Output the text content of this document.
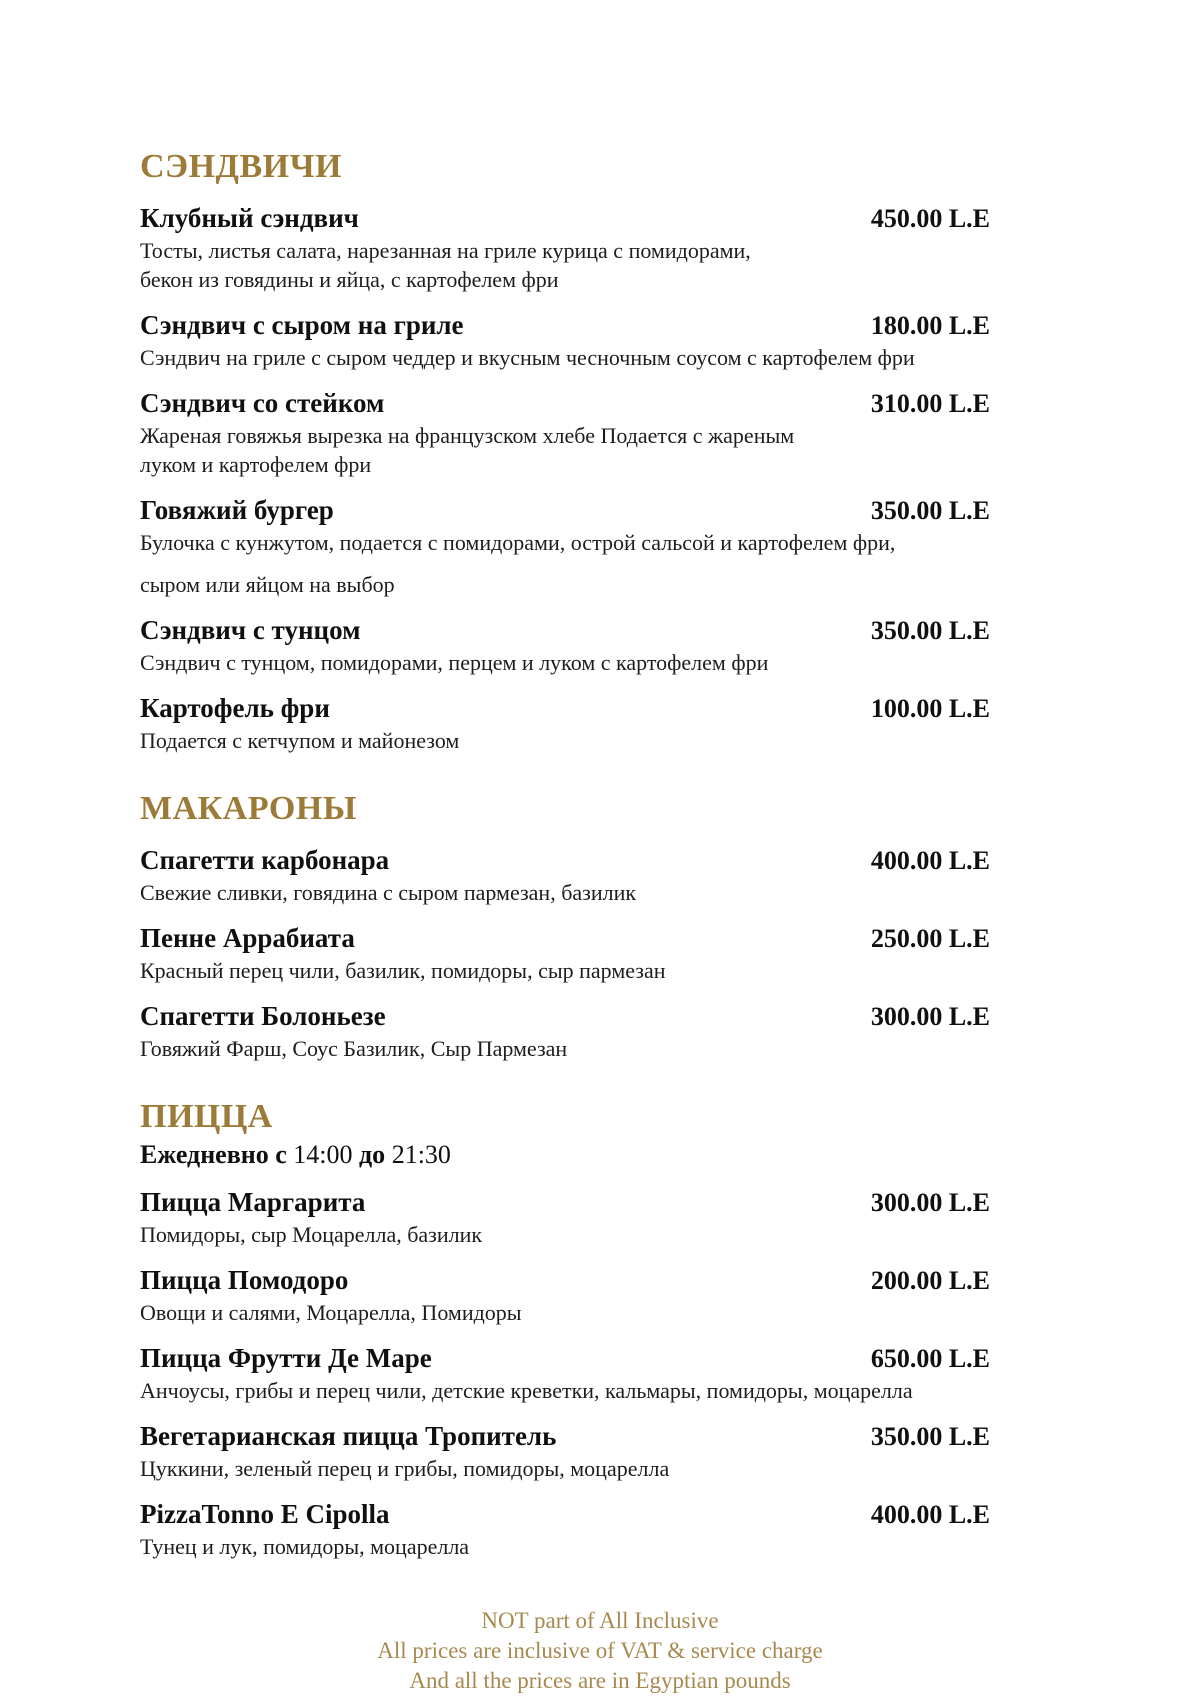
СЭНДВИЧИ
Клубный сэндвич	450.00 L.E
Тосты, листья салата, нарезанная на гриле курица с помидорами,
бекон из говядины и яйца, с картофелем фри
Сэндвич с сыром на гриле	180.00 L.E
Сэндвич на гриле с сыром чеддер и вкусным чесночным соусом с картофелем фри
Сэндвич со стейком	310.00 L.E
Жареная говяжья вырезка на французском хлебе Подается с жареным
луком и картофелем фри
Говяжий бургер	350.00 L.E
Булочка с кунжутом, подается с помидорами, острой сальсой и картофелем фри,
сыром или яйцом на выбор
Сэндвич с тунцом	350.00 L.E
Сэндвич с тунцом, помидорами, перцем и луком с картофелем фри
Картофель фри	100.00 L.E
Подается с кетчупом и майонезом
МАКАРОНЫ
Спагетти карбонара	400.00 L.E
Свежие сливки, говядина с сыром пармезан, базилик
Пенне Аррабиата	250.00 L.E
Красный перец чили, базилик, помидоры, сыр пармезан
Спагетти Болоньезе	300.00 L.E
Говяжий Фарш, Соус Базилик, Сыр Пармезан
ПИЦЦА
Ежедневно с 14:00 до 21:30
Пицца Маргарита	300.00 L.E
Помидоры, сыр Моцарелла, базилик
Пицца Помодоро	200.00 L.E
Овощи и салями, Моцарелла, Помидоры
Пицца Фрутти Де Маре	650.00 L.E
Анчоусы, грибы и перец чили, детские креветки, кальмары, помидоры, моцарелла
Вегетарианская пицца Тропитель	350.00 L.E
Цуккини, зеленый перец и грибы, помидоры, моцарелла
PizzaTonno E Cipolla	400.00 L.E
Тунец и лук, помидоры, моцарелла
NOT part of All Inclusive
All prices are inclusive of VAT & service charge
And all the prices are in Egyptian pounds
